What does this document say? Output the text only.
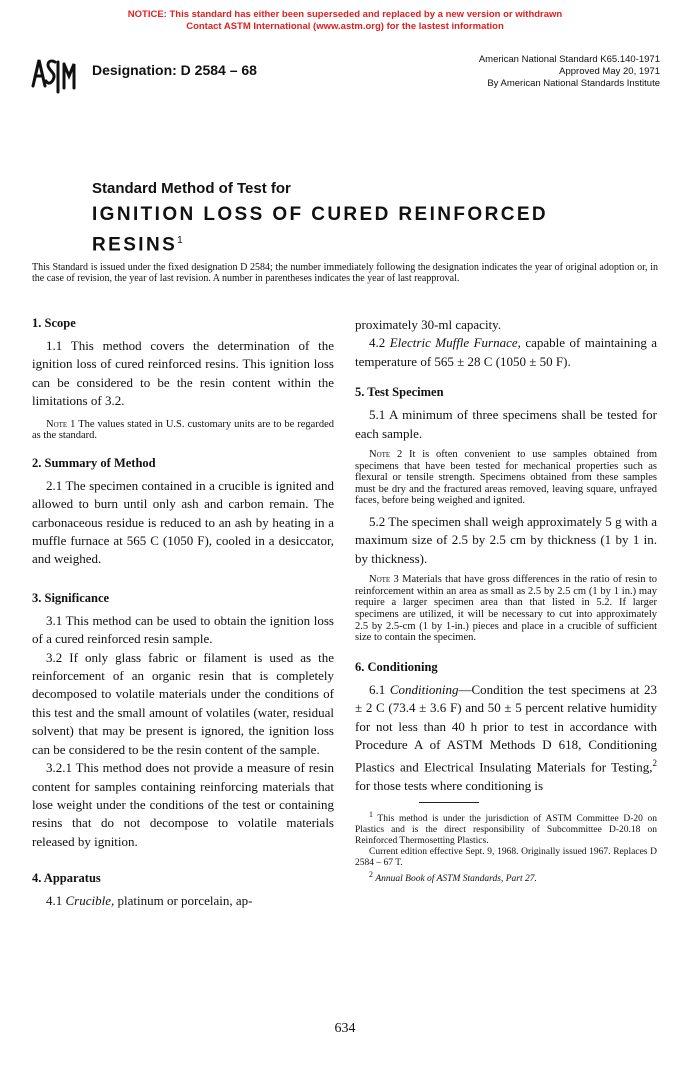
NOTICE: This standard has either been superseded and replaced by a new version or withdrawn
Contact ASTM International (www.astm.org) for the lastest information
Designation: D 2584 – 68
American National Standard K65.140-1971
Approved May 20, 1971
By American National Standards Institute
Standard Method of Test for
IGNITION LOSS OF CURED REINFORCED
RESINS$^1$
This Standard is issued under the fixed designation D 2584; the number immediately following the designation indicates the year of original adoption or, in the case of revision, the year of last revision. A number in parentheses indicates the year of last reapproval.
1. Scope

1.1 This method covers the determination of the ignition loss of cured reinforced resins. This ignition loss can be considered to be the resin content within the limitations of 3.2.

Note 1 The values stated in U.S. customary units are to be regarded as the standard.

2. Summary of Method

2.1 The specimen contained in a crucible is ignited and allowed to burn until only ash and carbon remain. The carbonaceous residue is reduced to an ash by heating in a muffle furnace at 565 C (1050 F), cooled in a desiccator, and weighed.

3. Significance

3.1 This method can be used to obtain the ignition loss of a cured reinforced resin sample.

3.2 If only glass fabric or filament is used as the reinforcement of an organic resin that is completely decomposed to volatile materials under the conditions of this test and the small amount of volatiles (water, residual solvent) that may be present is ignored, the ignition loss can be considered to be the resin content of the sample.

3.2.1 This method does not provide a measure of resin content for samples containing reinforcing materials that lose weight under the conditions of the test or containing resins that do not decompose to volatile materials released by ignition.

4. Apparatus

4.1 Crucible, platinum or porcelain, ap-

proximately 30-ml capacity.

4.2 Electric Muffle Furnace, capable of maintaining a temperature of 565 ± 28 C (1050 ± 50 F).

5. Test Specimen

5.1 A minimum of three specimens shall be tested for each sample.

Note 2 It is often convenient to use samples obtained from specimens that have been tested for mechanical properties such as flexural or tensile strength. Specimens obtained from these samples must be dry and the fractured areas removed, leaving square, unfrayed faces, before being weighed and ignited.

5.2 The specimen shall weigh approximately 5 g with a maximum size of 2.5 by 2.5 cm by thickness (1 by 1 in. by thickness).

Note 3 Materials that have gross differences in the ratio of resin to reinforcement within an area as small as 2.5 by 2.5 cm (1 by 1 in.) may require a larger specimen area than that listed in 5.2. If larger specimens are utilized, it will be necessary to cut into approximately 2.5 by 2.5-cm (1 by 1-in.) pieces and place in a crucible of sufficient size to contain the specimen.

6. Conditioning

6.1 Conditioning—Condition the test specimens at 23 ± 2 C (73.4 ± 3.6 F) and 50 ± 5 percent relative humidity for not less than 40 h prior to test in accordance with Procedure A of ASTM Methods D 618, Conditioning Plastics and Electrical Insulating Materials for Testing,$^2$ for those tests where conditioning is

$^1$ This method is under the jurisdiction of ASTM Committee D-20 on Plastics and is the direct responsibility of Subcommittee D-20.18 on Reinforced Thermosetting Plastics.

Current edition effective Sept. 9, 1968. Originally issued 1967. Replaces D 2584 – 67 T.

$^2$ Annual Book of ASTM Standards, Part 27.

634
